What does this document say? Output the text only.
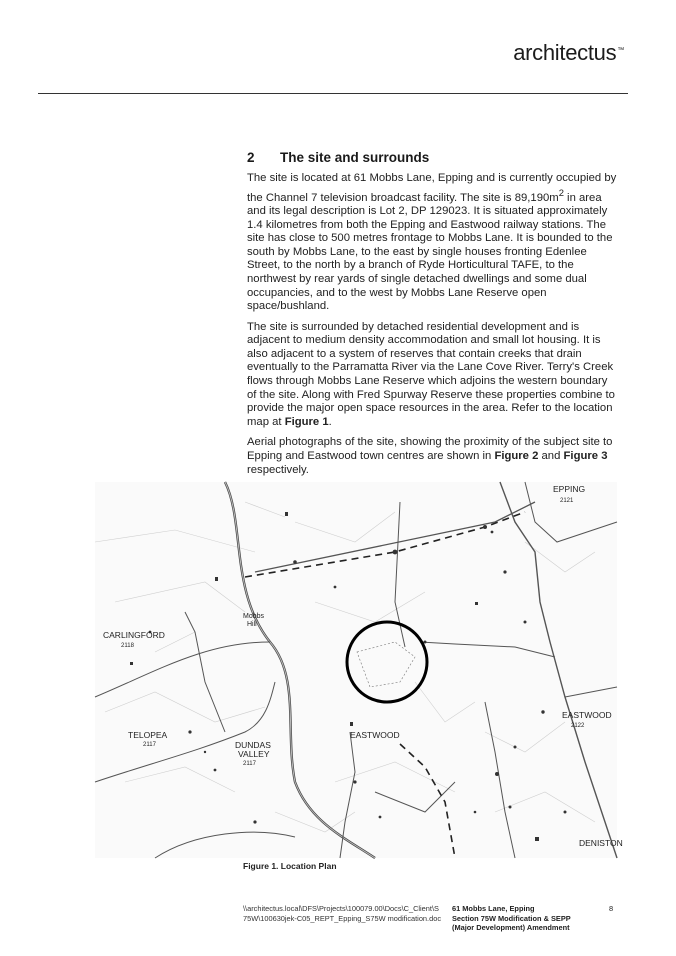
architectus™
2 The site and surrounds

The site is located at 61 Mobbs Lane, Epping and is currently occupied by the Channel 7 television broadcast facility. The site is $89,190m^2$ in area and its legal description is Lot 2, DP 129023. It is situated approximately 1.4 kilometres from both the Epping and Eastwood railway stations. The site has close to 500 metres frontage to Mobbs Lane. It is bounded to the south by Mobbs Lane, to the east by single houses fronting Edenlee Street, to the north by a branch of Ryde Horticultural TAFE, to the northwest by rear yards of single detached dwellings and some dual occupancies, and to the west by Mobbs Lane Reserve open space/bushland.

The site is surrounded by detached residential development and is adjacent to medium density accommodation and small lot housing. It is also adjacent to a system of reserves that contain creeks that drain eventually to the Parramatta River via the Lane Cove River. Terry's Creek flows through Mobbs Lane Reserve which adjoins the western boundary of the site. Along with Fred Spurway Reserve these properties combine to provide the major open space resources in the area. Refer to the location map at Figure 1.

Aerial photographs of the site, showing the proximity of the subject site to Epping and Eastwood town centres are shown in Figure 2 and Figure 3 respectively.

EPPING
2121
CARLINGFORD
2118
Mobbs
Hill
TELOPEA
2117	DUNDAS
VALLEY
2117
EASTWOOD
EASTWOOD
2122
DENISTON
Figure 1. Location Plan
\\architectus.local\DFS\Projects\100079.00\Docs\C_Client\S75W\100630jek-C05_REPT_Epping_S75W modification.doc
61 Mobbs Lane, Epping
Section 75W Modification & SEPP
(Major Development) Amendment
8
